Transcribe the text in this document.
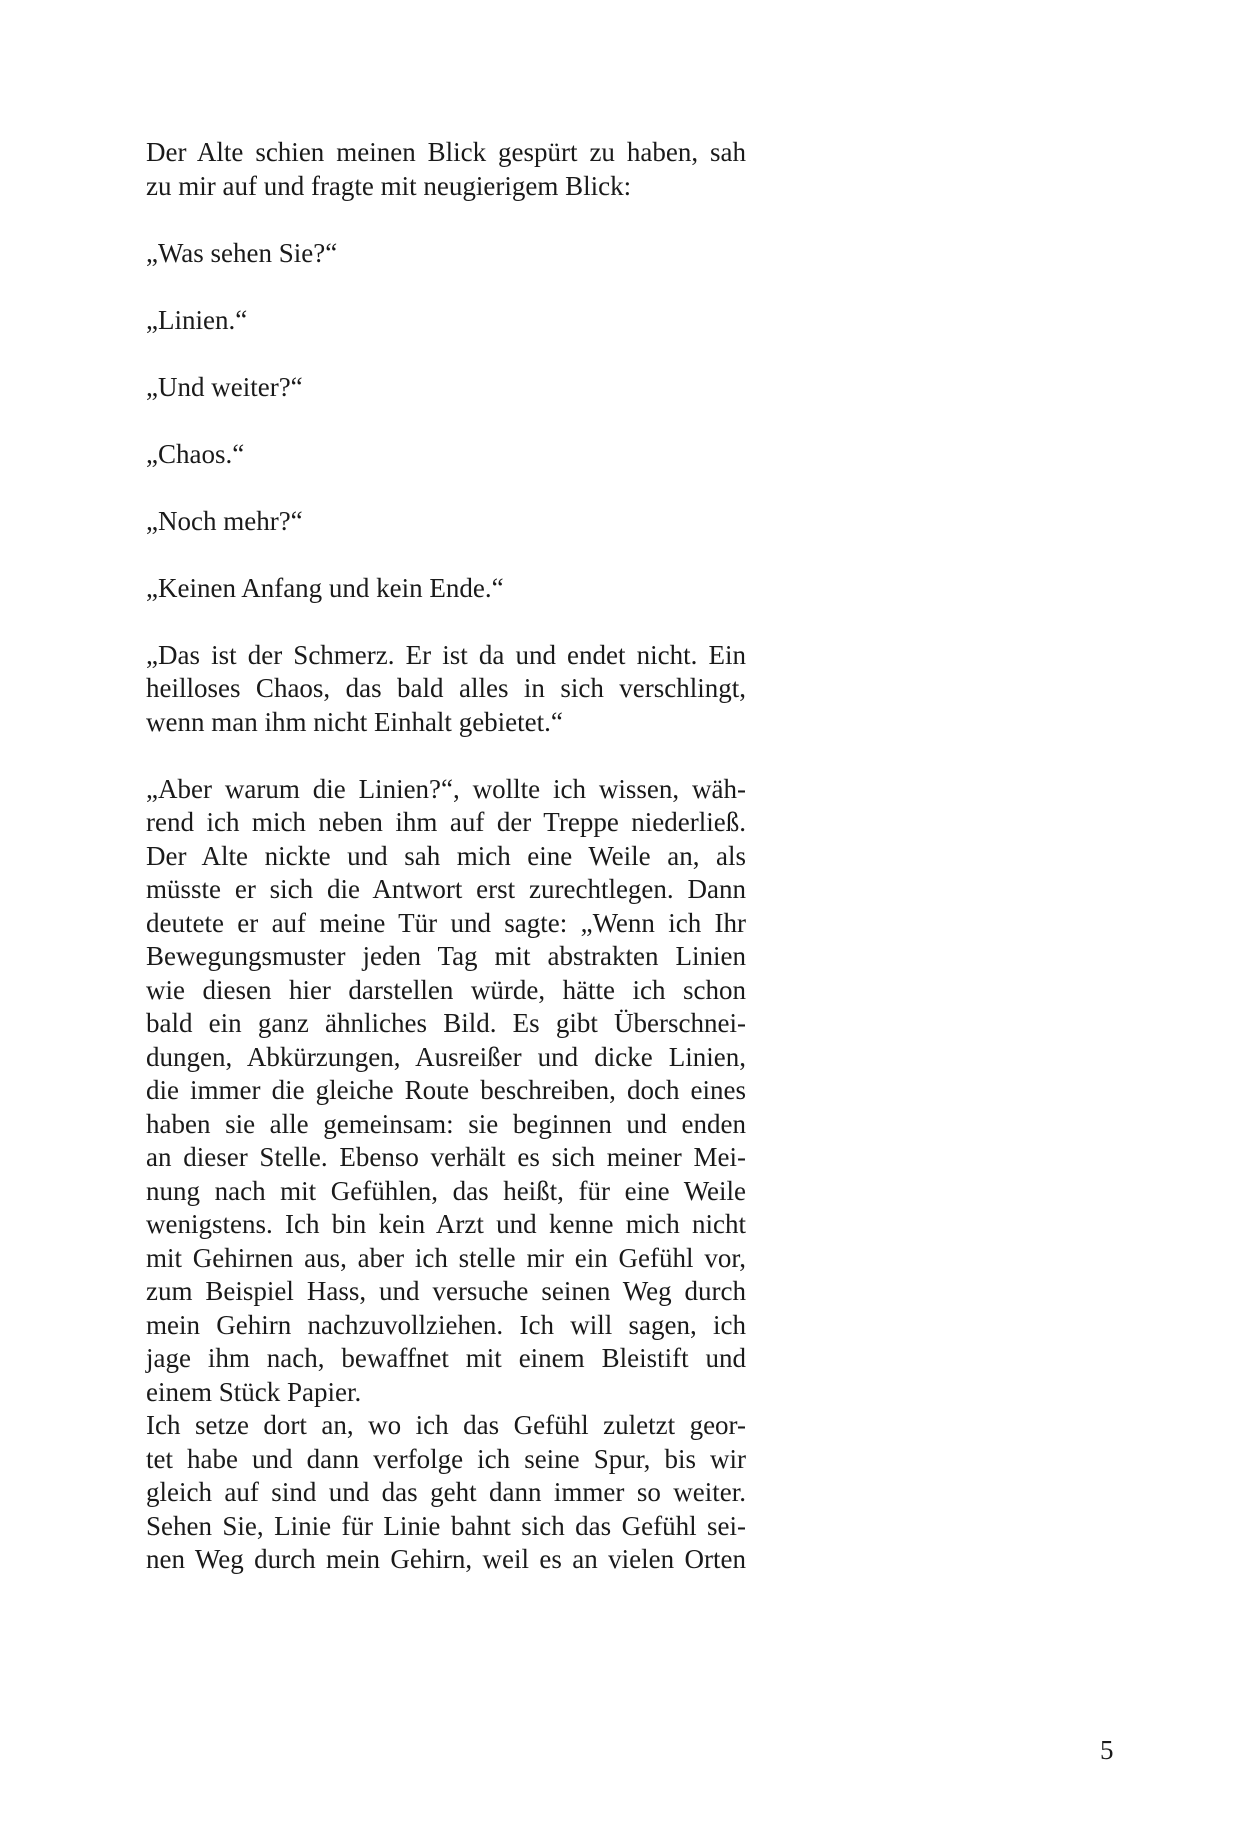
Der Alte schien meinen Blick gespürt zu haben, sah
zu mir auf und fragte mit neugierigem Blick:
„Was sehen Sie?“
„Linien.“
„Und weiter?“
„Chaos.“
„Noch mehr?“
„Keinen Anfang und kein Ende.“
„Das ist der Schmerz. Er ist da und endet nicht. Ein
heilloses Chaos, das bald alles in sich verschlingt,
wenn man ihm nicht Einhalt gebietet.“
„Aber warum die Linien?“, wollte ich wissen, wäh-
rend ich mich neben ihm auf der Treppe niederließ.
Der Alte nickte und sah mich eine Weile an, als
müsste er sich die Antwort erst zurechtlegen. Dann
deutete er auf meine Tür und sagte: „Wenn ich Ihr
Bewegungsmuster jeden Tag mit abstrakten Linien
wie diesen hier darstellen würde, hätte ich schon
bald ein ganz ähnliches Bild. Es gibt Überschnei-
dungen, Abkürzungen, Ausreißer und dicke Linien,
die immer die gleiche Route beschreiben, doch eines
haben sie alle gemeinsam: sie beginnen und enden
an dieser Stelle. Ebenso verhält es sich meiner Mei-
nung nach mit Gefühlen, das heißt, für eine Weile
wenigstens. Ich bin kein Arzt und kenne mich nicht
mit Gehirnen aus, aber ich stelle mir ein Gefühl vor,
zum Beispiel Hass, und versuche seinen Weg durch
mein Gehirn nachzuvollziehen. Ich will sagen, ich
jage ihm nach, bewaffnet mit einem Bleistift und
einem Stück Papier.
Ich setze dort an, wo ich das Gefühl zuletzt geor-
tet habe und dann verfolge ich seine Spur, bis wir
gleich auf sind und das geht dann immer so weiter.
Sehen Sie, Linie für Linie bahnt sich das Gefühl sei-
nen Weg durch mein Gehirn, weil es an vielen Orten
5
